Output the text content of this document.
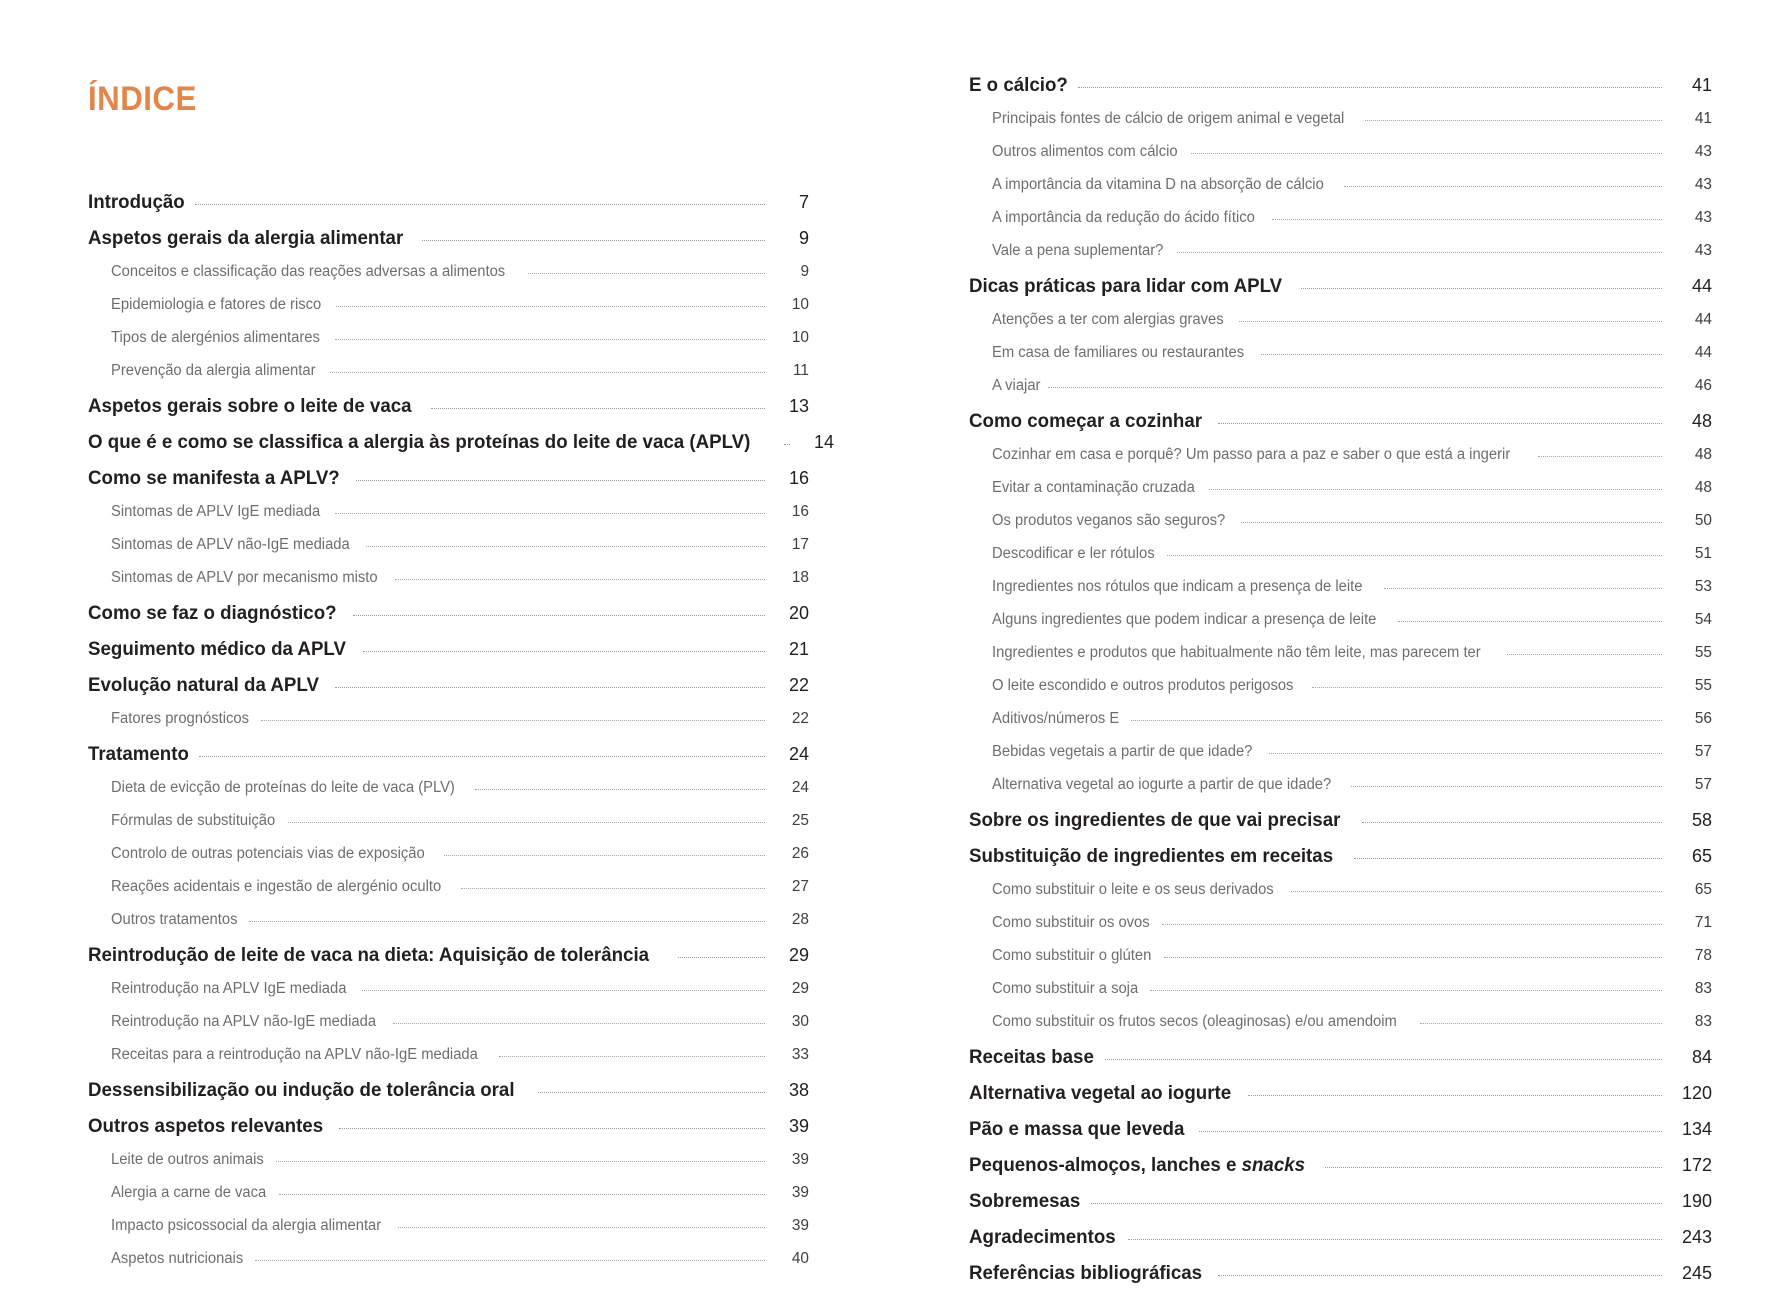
ÍNDICE
Introdução	7
Aspetos gerais da alergia alimentar	9
Conceitos e classificação das reações adversas a alimentos	9
Epidemiologia e fatores de risco	10
Tipos de alergénios alimentares	10
Prevenção da alergia alimentar	11
Aspetos gerais sobre o leite de vaca	13
O que é e como se classifica a alergia às proteínas do leite de vaca (APLV)	14
Como se manifesta a APLV?	16
Sintomas de APLV IgE mediada	16
Sintomas de APLV não-IgE mediada	17
Sintomas de APLV por mecanismo misto	18
Como se faz o diagnóstico?	20
Seguimento médico da APLV	21
Evolução natural da APLV	22
Fatores prognósticos	22
Tratamento	24
Dieta de evicção de proteínas do leite de vaca (PLV)	24
Fórmulas de substituição	25
Controlo de outras potenciais vias de exposição	26
Reações acidentais e ingestão de alergénio oculto	27
Outros tratamentos	28
Reintrodução de leite de vaca na dieta: Aquisição de tolerância	29
Reintrodução na APLV IgE mediada	29
Reintrodução na APLV não-IgE mediada	30
Receitas para a reintrodução na APLV não-IgE mediada	33
Dessensibilização ou indução de tolerância oral	38
Outros aspetos relevantes	39
Leite de outros animais	39
Alergia a carne de vaca	39
Impacto psicossocial da alergia alimentar	39
Aspetos nutricionais	40
E o cálcio?	41
Principais fontes de cálcio de origem animal e vegetal	41
Outros alimentos com cálcio	43
A importância da vitamina D na absorção de cálcio	43
A importância da redução do ácido fítico	43
Vale a pena suplementar?	43
Dicas práticas para lidar com APLV	44
Atenções a ter com alergias graves	44
Em casa de familiares ou restaurantes	44
A viajar	46
Como começar a cozinhar	48
Cozinhar em casa e porquê? Um passo para a paz e saber o que está a ingerir	48
Evitar a contaminação cruzada	48
Os produtos veganos são seguros?	50
Descodificar e ler rótulos	51
Ingredientes nos rótulos que indicam a presença de leite	53
Alguns ingredientes que podem indicar a presença de leite	54
Ingredientes e produtos que habitualmente não têm leite, mas parecem ter	55
O leite escondido e outros produtos perigosos	55
Aditivos/números E	56
Bebidas vegetais a partir de que idade?	57
Alternativa vegetal ao iogurte a partir de que idade?	57
Sobre os ingredientes de que vai precisar	58
Substituição de ingredientes em receitas	65
Como substituir o leite e os seus derivados	65
Como substituir os ovos	71
Como substituir o glúten	78
Como substituir a soja	83
Como substituir os frutos secos (oleaginosas) e/ou amendoim	83
Receitas base	84
Alternativa vegetal ao iogurte	120
Pão e massa que leveda	134
Pequenos-almoços, lanches e snacks	172
Sobremesas	190
Agradecimentos	243
Referências bibliográficas	245
